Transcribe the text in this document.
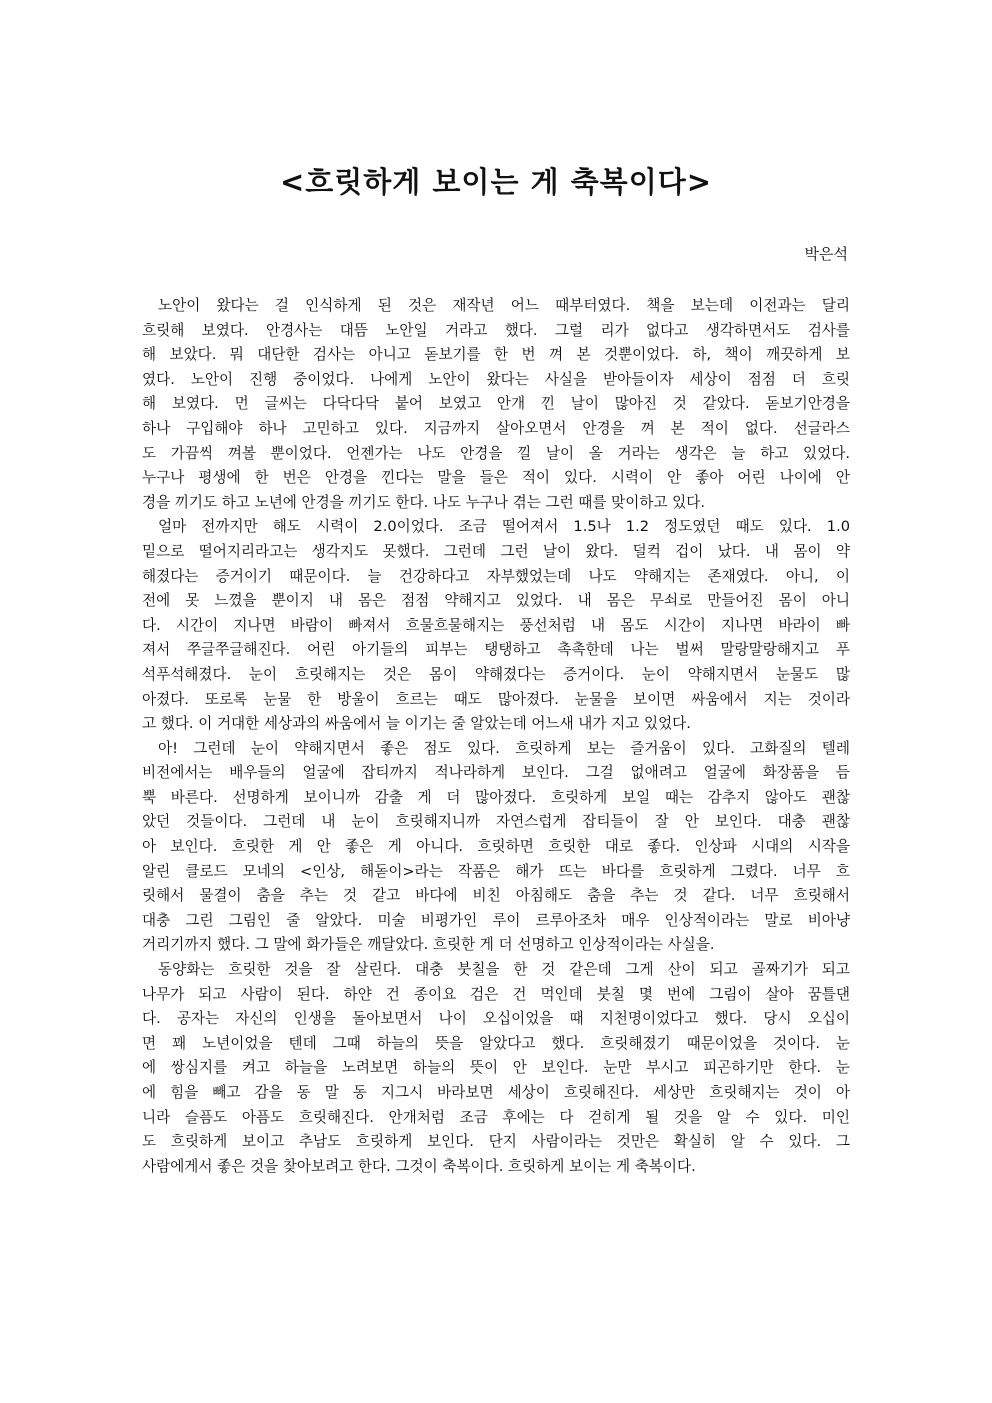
<흐릿하게 보이는 게 축복이다>
박은석
노안이 왔다는 걸 인식하게 된 것은 재작년 어느 때부터였다. 책을 보는데 이전과는 달리
흐릿해 보였다. 안경사는 대뜸 노안일 거라고 했다. 그럴 리가 없다고 생각하면서도 검사를
해 보았다. 뭐 대단한 검사는 아니고 돋보기를 한 번 껴 본 것뿐이었다. 하, 책이 깨끗하게 보
였다. 노안이 진행 중이었다. 나에게 노안이 왔다는 사실을 받아들이자 세상이 점점 더 흐릿
해 보였다. 먼 글씨는 다닥다닥 붙어 보였고 안개 낀 날이 많아진 것 같았다. 돋보기안경을
하나 구입해야 하나 고민하고 있다. 지금까지 살아오면서 안경을 껴 본 적이 없다. 선글라스
도 가끔씩 껴볼 뿐이었다. 언젠가는 나도 안경을 낄 날이 올 거라는 생각은 늘 하고 있었다.
누구나 평생에 한 번은 안경을 낀다는 말을 들은 적이 있다. 시력이 안 좋아 어린 나이에 안
경을 끼기도 하고 노년에 안경을 끼기도 한다. 나도 누구나 겪는 그런 때를 맞이하고 있다.
얼마 전까지만 해도 시력이 2.0이었다. 조금 떨어져서 1.5나 1.2 정도였던 때도 있다. 1.0
밑으로 떨어지리라고는 생각지도 못했다. 그런데 그런 날이 왔다. 덜컥 겁이 났다. 내 몸이 약
해졌다는 증거이기 때문이다. 늘 건강하다고 자부했었는데 나도 약해지는 존재였다. 아니, 이
전에 못 느꼈을 뿐이지 내 몸은 점점 약해지고 있었다. 내 몸은 무쇠로 만들어진 몸이 아니
다. 시간이 지나면 바람이 빠져서 흐물흐물해지는 풍선처럼 내 몸도 시간이 지나면 바라이 빠
져서 쭈글쭈글해진다. 어린 아기들의 피부는 탱탱하고 촉촉한데 나는 벌써 말랑말랑해지고 푸
석푸석해졌다. 눈이 흐릿해지는 것은 몸이 약해졌다는 증거이다. 눈이 약해지면서 눈물도 많
아졌다. 또로록 눈물 한 방울이 흐르는 때도 많아졌다. 눈물을 보이면 싸움에서 지는 것이라
고 했다. 이 거대한 세상과의 싸움에서 늘 이기는 줄 알았는데 어느새 내가 지고 있었다.
아! 그런데 눈이 약해지면서 좋은 점도 있다. 흐릿하게 보는 즐거움이 있다. 고화질의 텔레
비전에서는 배우들의 얼굴에 잡티까지 적나라하게 보인다. 그걸 없애려고 얼굴에 화장품을 듬
뿍 바른다. 선명하게 보이니까 감출 게 더 많아졌다. 흐릿하게 보일 때는 감추지 않아도 괜찮
았던 것들이다. 그런데 내 눈이 흐릿해지니까 자연스럽게 잡티들이 잘 안 보인다. 대충 괜찮
아 보인다. 흐릿한 게 안 좋은 게 아니다. 흐릿하면 흐릿한 대로 좋다. 인상파 시대의 시작을
알린 클로드 모네의 <인상, 해돋이>라는 작품은 해가 뜨는 바다를 흐릿하게 그렸다. 너무 흐
릿해서 물결이 춤을 추는 것 같고 바다에 비친 아침해도 춤을 추는 것 같다. 너무 흐릿해서
대충 그린 그림인 줄 알았다. 미술 비평가인 루이 르루아조차 매우 인상적이라는 말로 비아냥
거리기까지 했다. 그 말에 화가들은 깨달았다. 흐릿한 게 더 선명하고 인상적이라는 사실을.
동양화는 흐릿한 것을 잘 살린다. 대충 붓칠을 한 것 같은데 그게 산이 되고 골짜기가 되고
나무가 되고 사람이 된다. 하얀 건 종이요 검은 건 먹인데 붓칠 몇 번에 그림이 살아 꿈틀댄
다. 공자는 자신의 인생을 돌아보면서 나이 오십이었을 때 지천명이었다고 했다. 당시 오십이
면 꽤 노년이었을 텐데 그때 하늘의 뜻을 알았다고 했다. 흐릿해졌기 때문이었을 것이다. 눈
에 쌍심지를 켜고 하늘을 노려보면 하늘의 뜻이 안 보인다. 눈만 부시고 피곤하기만 한다. 눈
에 힘을 빼고 감을 동 말 동 지그시 바라보면 세상이 흐릿해진다. 세상만 흐릿해지는 것이 아
니라 슬픔도 아픔도 흐릿해진다. 안개처럼 조금 후에는 다 걷히게 될 것을 알 수 있다. 미인
도 흐릿하게 보이고 추남도 흐릿하게 보인다. 단지 사람이라는 것만은 확실히 알 수 있다. 그
사람에게서 좋은 것을 찾아보려고 한다. 그것이 축복이다. 흐릿하게 보이는 게 축복이다.
